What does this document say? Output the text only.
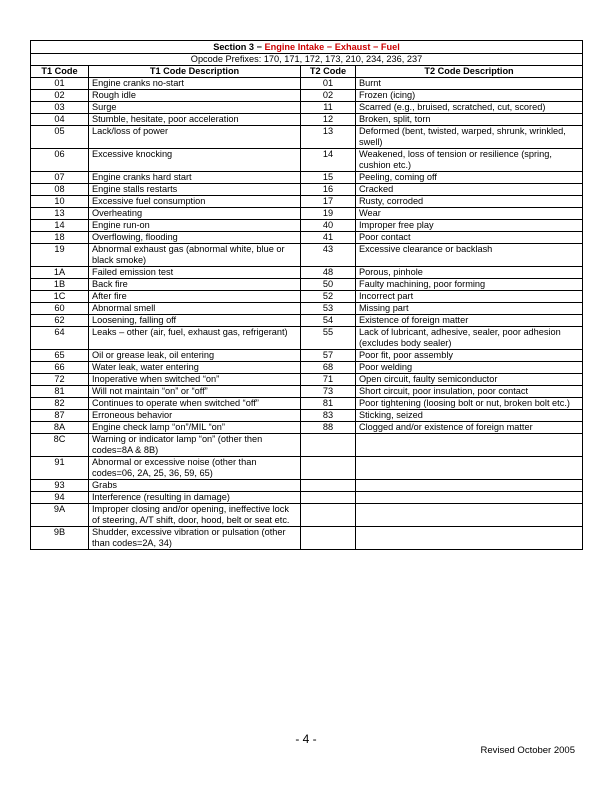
Section 3 − Engine Intake − Exhaust − Fuel			
Opcode Prefixes: 170, 171, 172, 173, 210, 234, 236, 237			
T1 Code	T1 Code Description	T2 Code	T2 Code Description
01	Engine cranks no-start	01	Burnt
02	Rough idle	02	Frozen (icing)
03	Surge	11	Scarred (e.g., bruised, scratched, cut, scored)
04	Stumble, hesitate, poor acceleration	12	Broken, split, torn
05	Lack/loss of power	13	Deformed (bent, twisted, warped, shrunk, wrinkled, swell)
06	Excessive knocking	14	Weakened, loss of tension or resilience (spring, cushion etc.)
07	Engine cranks hard start	15	Peeling, coming off
08	Engine stalls restarts	16	Cracked
10	Excessive fuel consumption	17	Rusty, corroded
13	Overheating	19	Wear
14	Engine run-on	40	Improper free play
18	Overflowing, flooding	41	Poor contact
19	Abnormal exhaust gas (abnormal white, blue or black smoke)	43	Excessive clearance or backlash
1A	Failed emission test	48	Porous, pinhole
1B	Back fire	50	Faulty machining, poor forming
1C	After fire	52	Incorrect part
60	Abnormal smell	53	Missing part
62	Loosening, falling off	54	Existence of foreign matter
64	Leaks – other (air, fuel, exhaust gas, refrigerant)	55	Lack of lubricant, adhesive, sealer, poor adhesion (excludes body sealer)
65	Oil or grease leak, oil entering	57	Poor fit, poor assembly
66	Water leak, water entering	68	Poor welding
72	Inoperative when switched “on”	71	Open circuit, faulty semiconductor
81	Will not maintain “on” or “off”	73	Short circuit, poor insulation, poor contact
82	Continues to operate when switched “off”	81	Poor tightening (loosing bolt or nut, broken bolt etc.)
87	Erroneous behavior	83	Sticking, seized
8A	Engine check lamp “on”/MIL “on”	88	Clogged and/or existence of foreign matter
8C	Warning or indicator lamp “on” (other then codes=8A & 8B)		
91	Abnormal or excessive noise (other than codes=06, 2A, 25, 36, 59, 65)		
93	Grabs		
94	Interference (resulting in damage)		
9A	Improper closing and/or opening, ineffective lock of steering, A/T shift, door, hood, belt or seat etc.		
9B	Shudder, excessive vibration or pulsation (other than codes=2A, 34)		
- 4 -
Revised October 2005
